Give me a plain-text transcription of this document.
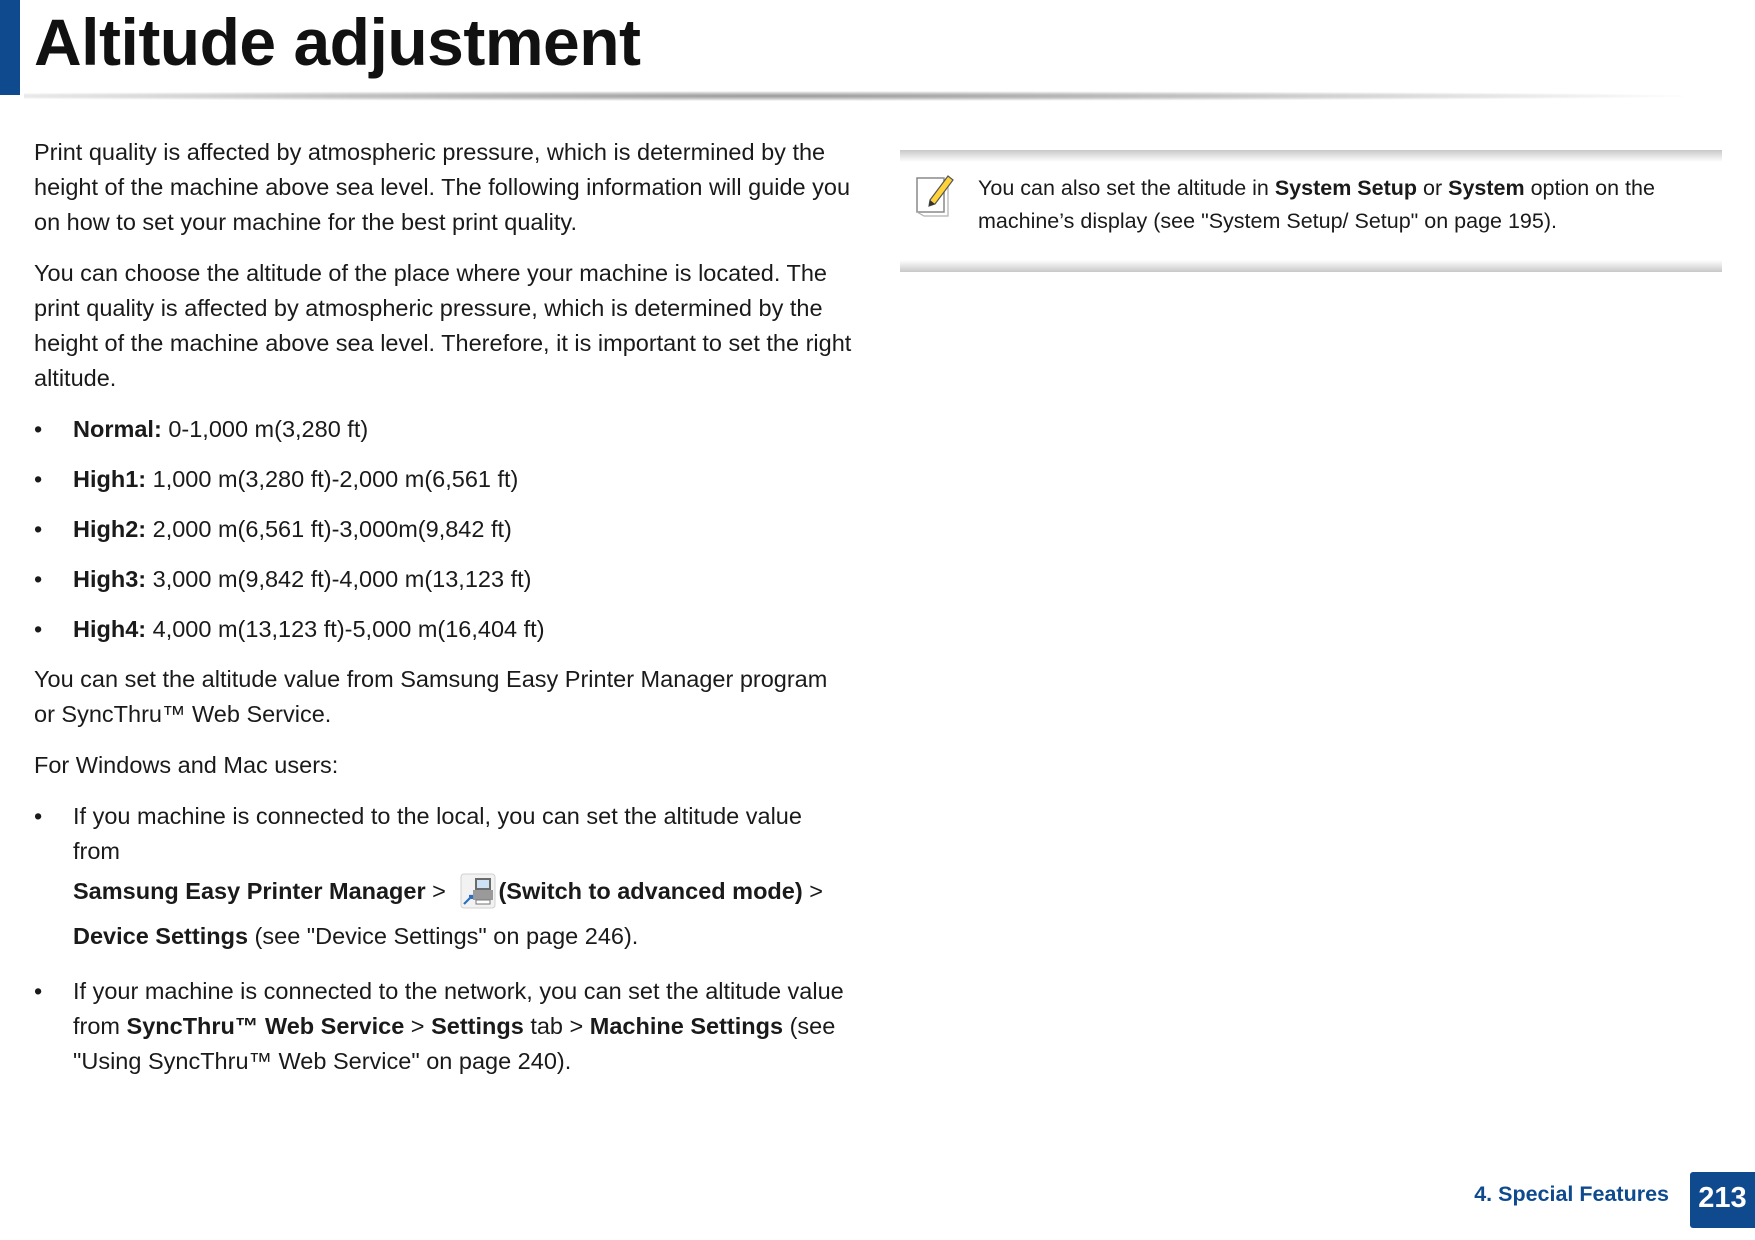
Altitude adjustment

Print quality is affected by atmospheric pressure, which is determined by the height of the machine above sea level. The following information will guide you on how to set your machine for the best print quality.

You can choose the altitude of the place where your machine is located. The print quality is affected by atmospheric pressure, which is determined by the height of the machine above sea level. Therefore, it is important to set the right altitude.

•	Normal: 0-1,000 m(3,280 ft)
•	High1: 1,000 m(3,280 ft)-2,000 m(6,561 ft)
•	High2: 2,000 m(6,561 ft)-3,000m(9,842 ft)
•	High3: 3,000 m(9,842 ft)-4,000 m(13,123 ft)
•	High4: 4,000 m(13,123 ft)-5,000 m(16,404 ft)

You can set the altitude value from Samsung Easy Printer Manager program or SyncThru™ Web Service.

For Windows and Mac users:

•	If you machine is connected to the local, you can set the altitude value from
Samsung Easy Printer Manager > (Switch to advanced mode) >
Device Settings (see "Device Settings" on page 246).
•	If your machine is connected to the network, you can set the altitude value from SyncThru™ Web Service > Settings tab > Machine Settings (see "Using SyncThru™ Web Service" on page 240).
You can also set the altitude in System Setup or System option on the machine’s display (see "System Setup/ Setup" on page 195).
4. Special Features 213
